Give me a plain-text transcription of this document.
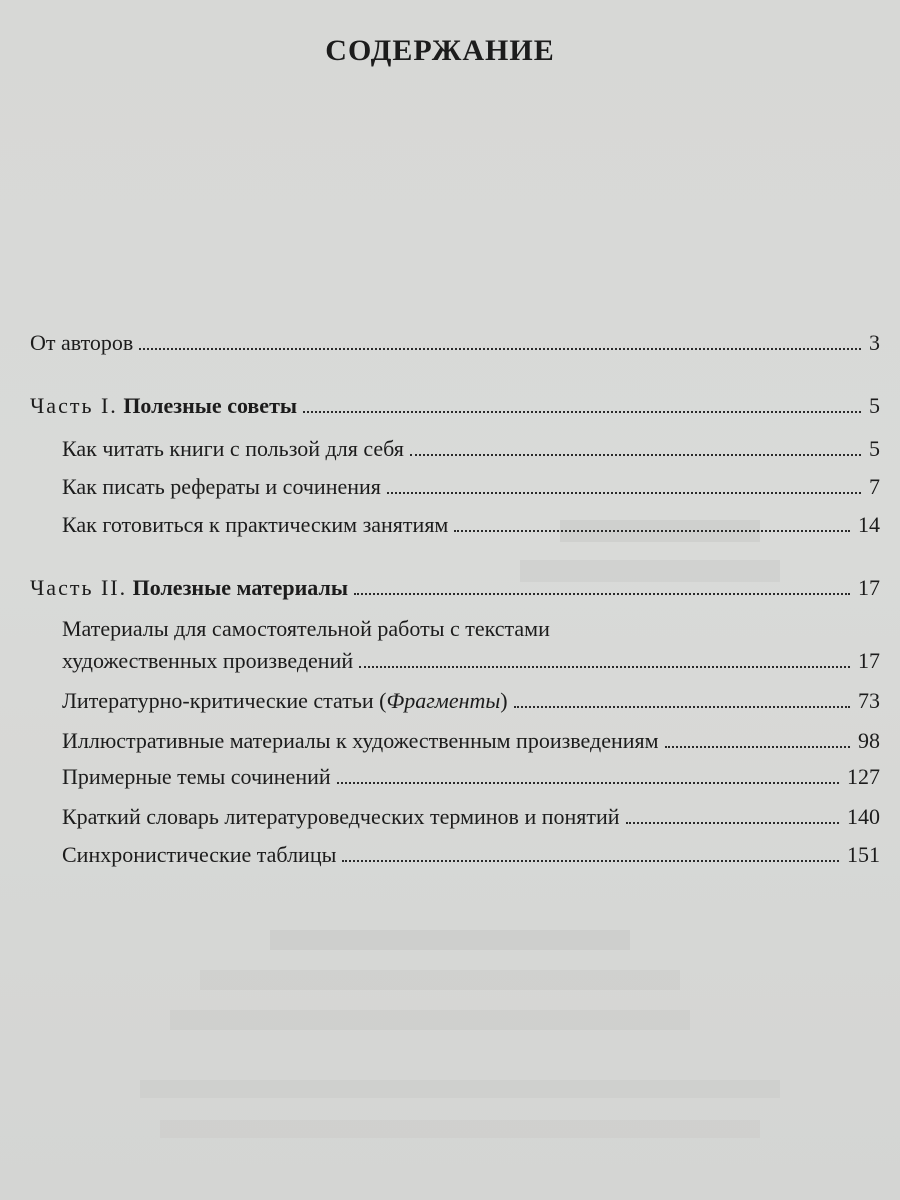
СОДЕРЖАНИЕ
От авторов	3
Часть I. Полезные советы	5
Как читать книги с пользой для себя	5
Как писать рефераты и сочинения	7
Как готовиться к практическим занятиям	14
Часть II. Полезные материалы	17
Материалы для самостоятельной работы с текстами
художественных произведений	17
Литературно-критические статьи (Фрагменты)	73
Иллюстративные материалы к художественным произведениям	98
Примерные темы сочинений	127
Краткий словарь литературоведческих терминов и понятий	140
Синхронистические таблицы	151
